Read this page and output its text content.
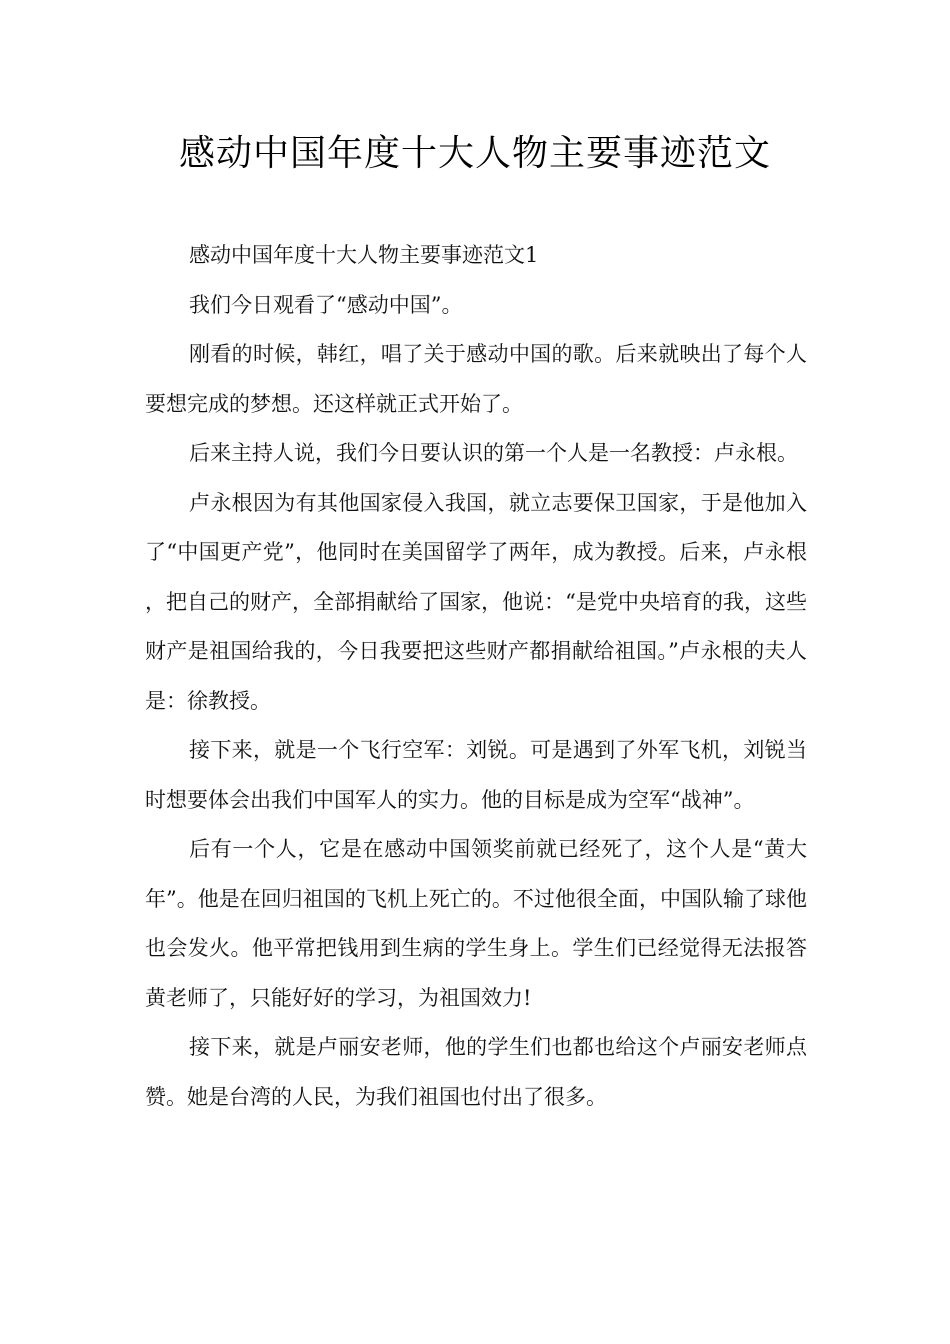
感动中国年度十大人物主要事迹范文

感动中国年度十大人物主要事迹范文1

我们今日观看了“感动中国”。

刚看的时候，韩红，唱了关于感动中国的歌。后来就映出了每个人要想完成的梦想。还这样就正式开始了。

后来主持人说，我们今日要认识的第一个人是一名教授：卢永根。

卢永根因为有其他国家侵入我国，就立志要保卫国家，于是他加入了“中国更产党”，他同时在美国留学了两年，成为教授。后来，卢永根，把自己的财产，全部捐献给了国家，他说：“是党中央培育的我，这些财产是祖国给我的，今日我要把这些财产都捐献给祖国。”卢永根的夫人是：徐教授。

接下来，就是一个飞行空军：刘锐。可是遇到了外军飞机，刘锐当时想要体会出我们中国军人的实力。他的目标是成为空军“战神”。

后有一个人，它是在感动中国领奖前就已经死了，这个人是“黄大年”。他是在回归祖国的飞机上死亡的。不过他很全面，中国队输了球他也会发火。他平常把钱用到生病的学生身上。学生们已经觉得无法报答黄老师了，只能好好的学习，为祖国效力!

接下来，就是卢丽安老师，他的学生们也都也给这个卢丽安老师点赞。她是台湾的人民，为我们祖国也付出了很多。
